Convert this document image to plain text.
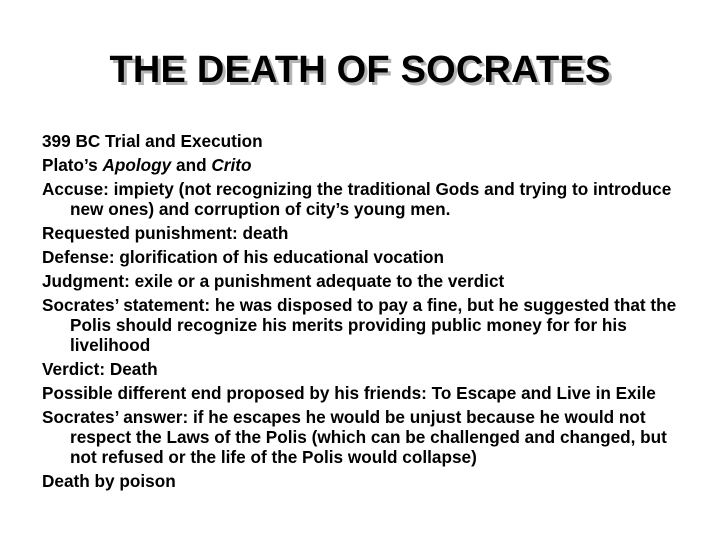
THE DEATH OF SOCRATES
399 BC Trial and Execution
Plato’s Apology and Crito
Accuse: impiety (not recognizing the traditional Gods and trying to introduce new ones) and corruption of city’s young men.
Requested punishment: death
Defense: glorification of his educational vocation
Judgment: exile or a punishment adequate to the verdict
Socrates’ statement: he was disposed to pay a fine, but he suggested that the Polis should recognize his merits providing public money for for his livelihood
Verdict: Death
Possible different end proposed by his friends: To Escape and Live in Exile
Socrates’ answer: if he escapes he would be unjust because he would not respect the Laws of the Polis (which can be challenged and changed, but not refused or the life of the Polis would collapse)
Death by poison
